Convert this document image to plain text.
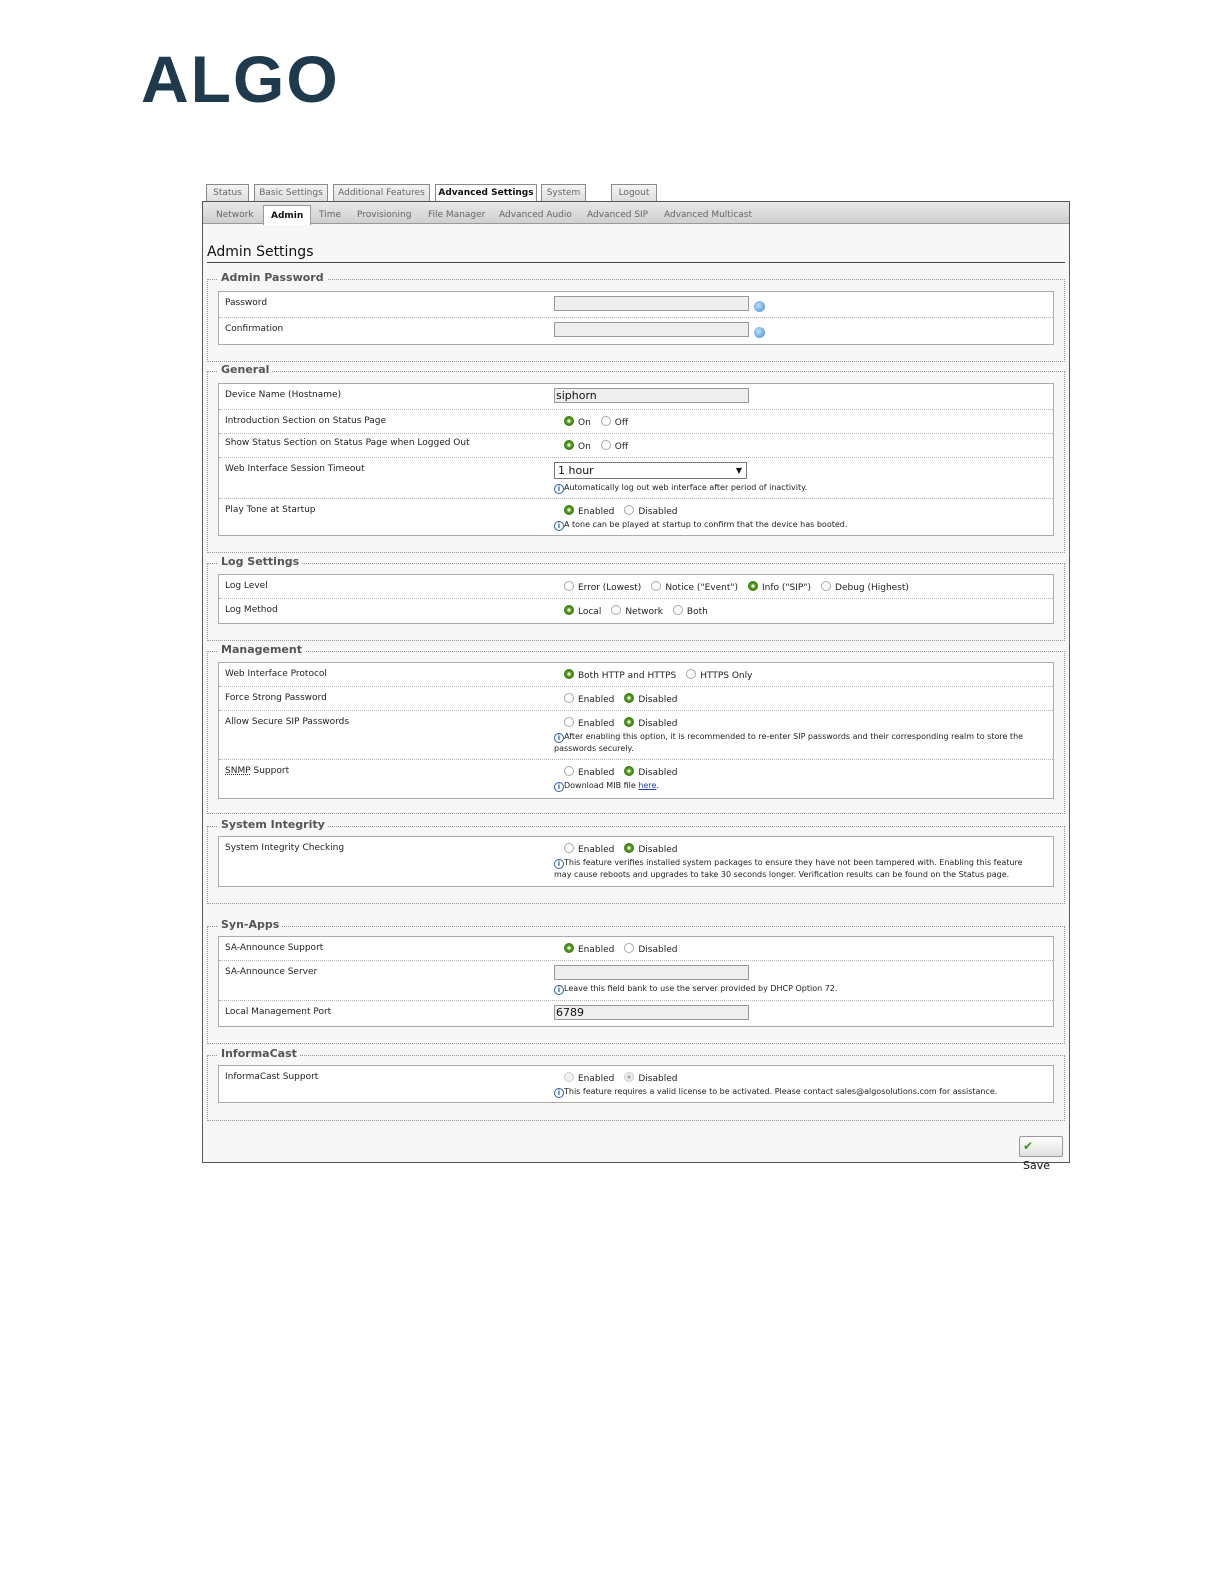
ALGO
Status	Basic Settings	Additional Features	Advanced Settings	System	Logout
Network	Admin	Time Provisioning File Manager Advanced Audio Advanced SIP Advanced Multicast
Admin Settings
Admin Password
Password
Confirmation
General
Device Name (Hostname)	siphorn
Introduction Section on Status Page	On	Off
Show Status Section on Status Page when Logged Out	On	Off
Web Interface Session Timeout	1 hour	▼
i Automatically log out web interface after period of inactivity.
Play Tone at Startup	Enabled	Disabled
i A tone can be played at startup to confirm that the device has booted.
Log Settings
Log Level	Error (Lowest)	Notice ("Event")	Info ("SIP")	Debug (Highest)
Log Method	Local	Network	Both
Management
Web Interface Protocol	Both HTTP and HTTPS	HTTPS Only
Force Strong Password	Enabled	Disabled
Allow Secure SIP Passwords	Enabled	Disabled
i After enabling this option, it is recommended to re-enter SIP passwords and their corresponding realm to store the
passwords securely.
SNMP Support	Enabled	Disabled
i Download MIB file here.
System Integrity
System Integrity Checking	Enabled	Disabled
i This feature verifies installed system packages to ensure they have not been tampered with. Enabling this feature
may cause reboots and upgrades to take 30 seconds longer. Verification results can be found on the Status page.
Syn-Apps
SA-Announce Support	Enabled	Disabled
SA-Announce Server
i Leave this field bank to use the server provided by DHCP Option 72.
Local Management Port	6789
InformaCast
InformaCast Support	Enabled	Disabled
i This feature requires a valid license to be activated. Please contact sales@algosolutions.com for assistance.
✔ Save
